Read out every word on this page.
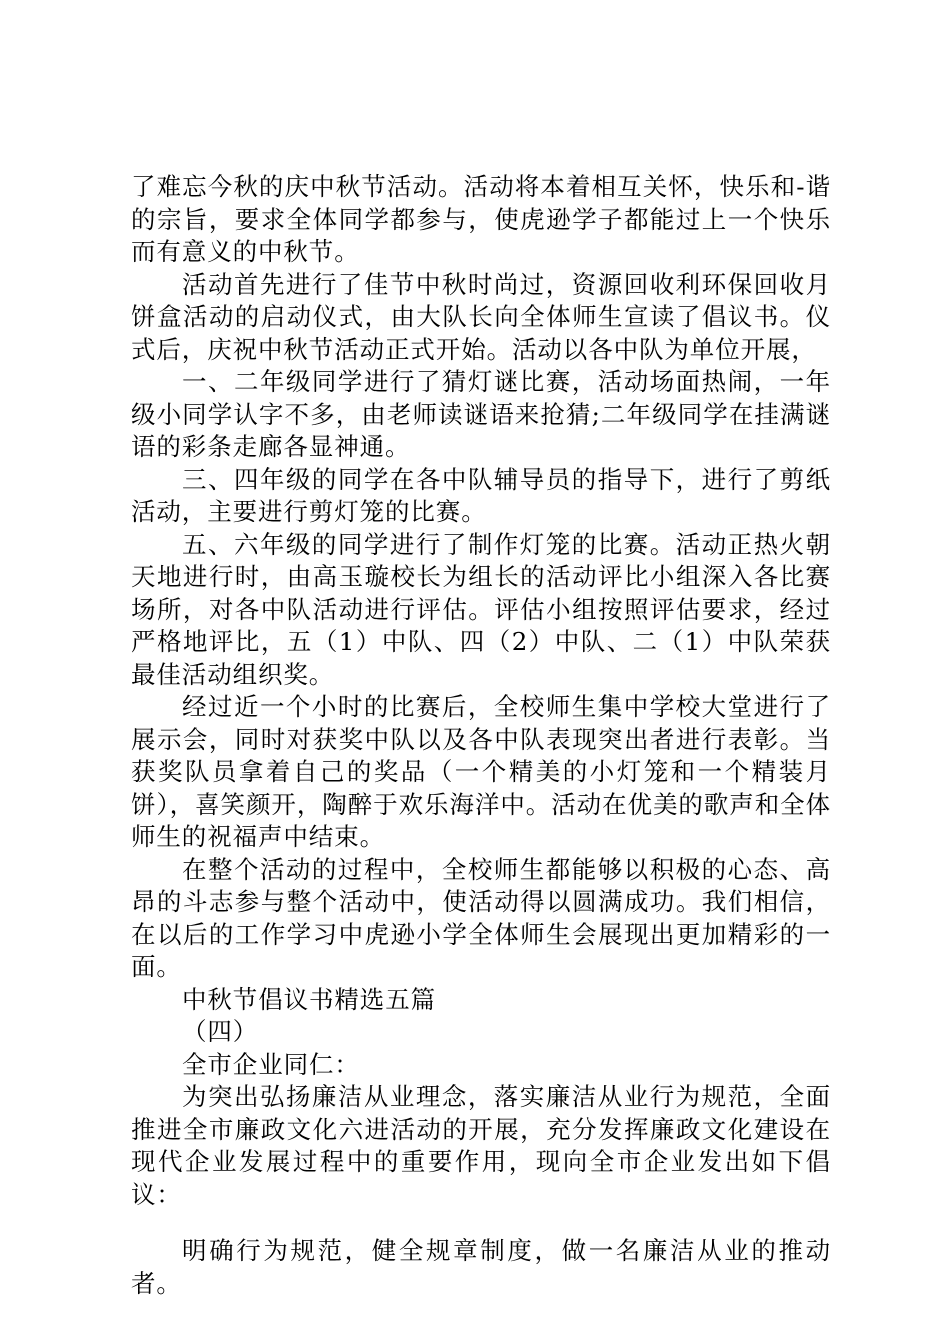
了难忘今秋的庆中秋节活动。活动将本着相互关怀，快乐和-谐的宗旨，要求全体同学都参与，使虎逊学子都能过上一个快乐而有意义的中秋节。

活动首先进行了佳节中秋时尚过，资源回收利环保回收月饼盒活动的启动仪式，由大队长向全体师生宣读了倡议书。仪式后，庆祝中秋节活动正式开始。活动以各中队为单位开展，

一、二年级同学进行了猜灯谜比赛，活动场面热闹，一年级小同学认字不多，由老师读谜语来抢猜;二年级同学在挂满谜语的彩条走廊各显神通。

三、四年级的同学在各中队辅导员的指导下，进行了剪纸活动，主要进行剪灯笼的比赛。

五、六年级的同学进行了制作灯笼的比赛。活动正热火朝天地进行时，由高玉璇校长为组长的活动评比小组深入各比赛场所，对各中队活动进行评估。评估小组按照评估要求，经过严格地评比，五（1）中队、四（2）中队、二（1）中队荣获最佳活动组织奖。

经过近一个小时的比赛后，全校师生集中学校大堂进行了展示会，同时对获奖中队以及各中队表现突出者进行表彰。当获奖队员拿着自己的奖品（一个精美的小灯笼和一个精装月饼），喜笑颜开，陶醉于欢乐海洋中。活动在优美的歌声和全体师生的祝福声中结束。

在整个活动的过程中，全校师生都能够以积极的心态、高昂的斗志参与整个活动中，使活动得以圆满成功。我们相信，在以后的工作学习中虎逊小学全体师生会展现出更加精彩的一面。

中秋节倡议书精选五篇

（四）

全市企业同仁：

为突出弘扬廉洁从业理念，落实廉洁从业行为规范，全面推进全市廉政文化六进活动的开展，充分发挥廉政文化建设在现代企业发展过程中的重要作用，现向全市企业发出如下倡议：

明确行为规范，健全规章制度，做一名廉洁从业的推动者。
